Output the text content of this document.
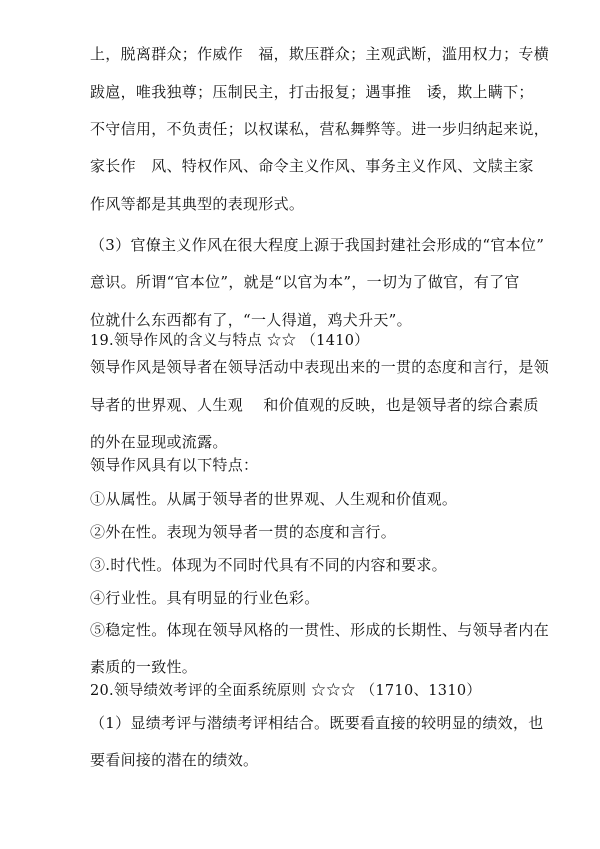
上，脱离群众；作威作　福，欺压群众；主观武断，滥用权力；专横
跋扈，唯我独尊；压制民主，打击报复；遇事推　诿，欺上瞒下；
不守信用，不负责任；以权谋私，营私舞弊等。进一步归纳起来说，
家长作　风、特权作风、命令主义作风、事务主义作风、文牍主家
作风等都是其典型的表现形式。
（3）官僚主义作风在很大程度上源于我国封建社会形成的“官本位”
意识。所谓“官本位”，就是“以官为本”，一切为了做官，有了官
位就什么东西都有了，“一人得道，鸡犬升天”。
19.领导作风的含义与特点 ☆☆ （1410）
领导作风是领导者在领导活动中表现出来的一贯的态度和言行，是领
导者的世界观、人生观　 和价值观的反映，也是领导者的综合素质
的外在显现或流露。
领导作风具有以下特点：
①从属性。从属于领导者的世界观、人生观和价值观。
②外在性。表现为领导者一贯的态度和言行。
③.时代性。体现为不同时代具有不同的内容和要求。
④行业性。具有明显的行业色彩。
⑤稳定性。体现在领导风格的一贯性、形成的长期性、与领导者内在
素质的一致性。
20.领导绩效考评的全面系统原则 ☆☆☆ （1710、1310）
（1）显绩考评与潜绩考评相结合。既要看直接的较明显的绩效，也
要看间接的潜在的绩效。
